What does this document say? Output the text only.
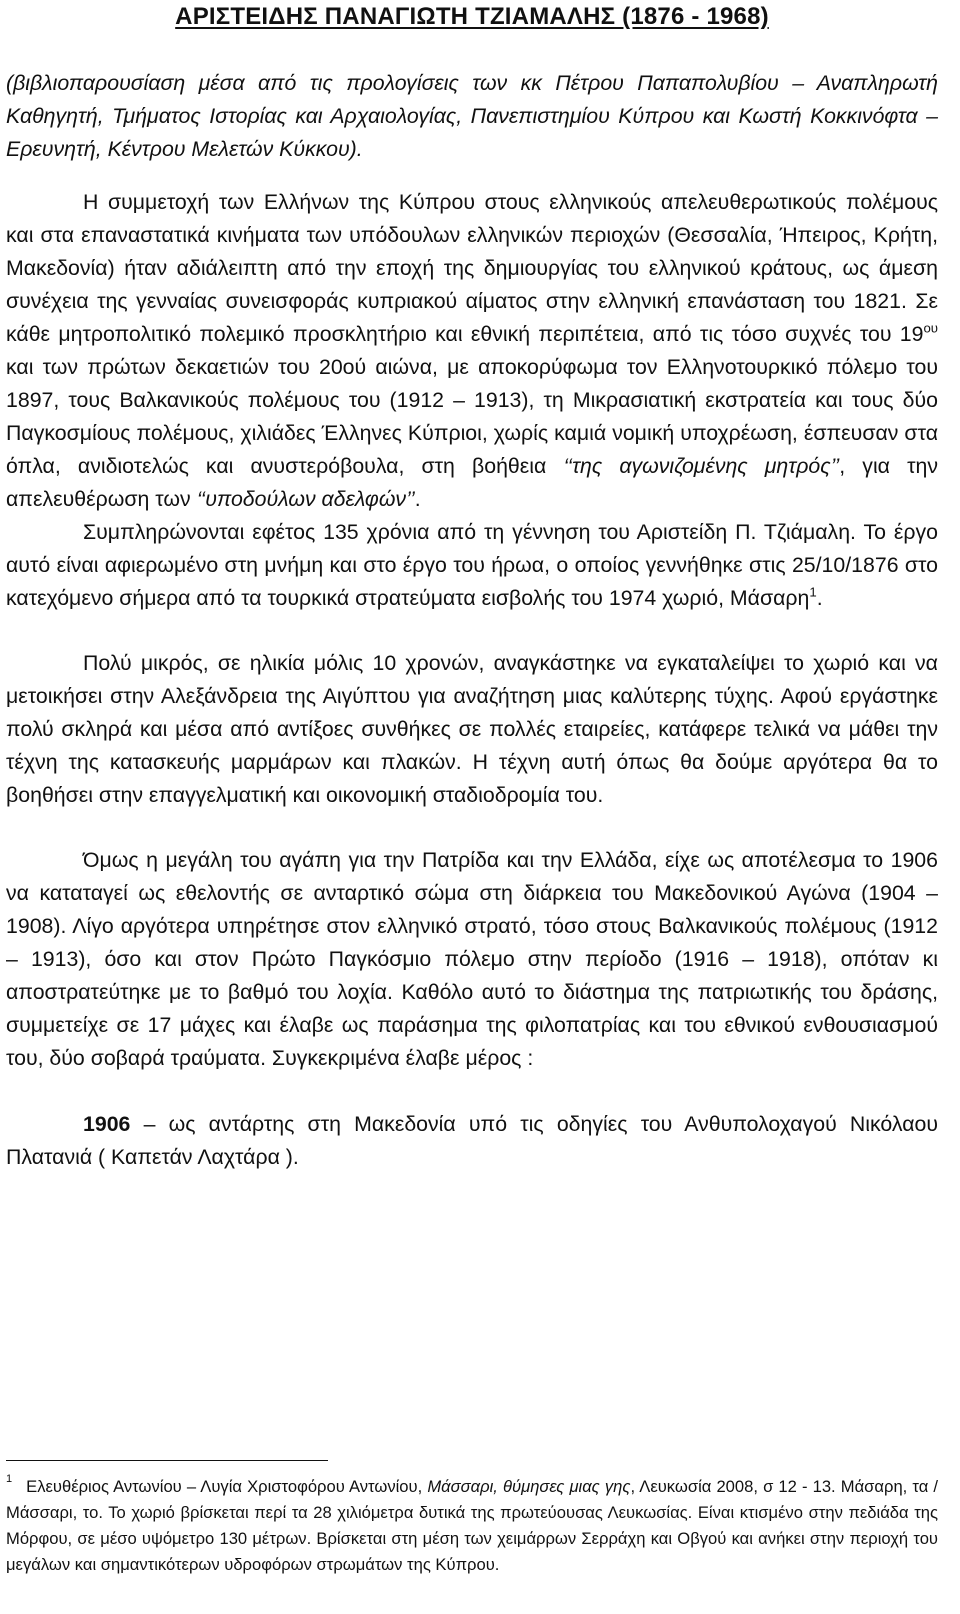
ΑΡΙΣΤΕΙΔΗΣ ΠΑΝΑΓΙΩΤΗ ΤΖΙΑΜΑΛΗΣ (1876 - 1968)

(βιβλιοπαρουσίαση μέσα από τις προλογίσεις των κκ Πέτρου Παπαπολυβίου – Αναπληρωτή Καθηγητή, Τμήματος Ιστορίας και Αρχαιολογίας, Πανεπιστημίου Κύπρου και Κωστή Κοκκινόφτα – Ερευνητή, Κέντρου Μελετών Κύκκου).

Η συμμετοχή των Ελλήνων της Κύπρου στους ελληνικούς απελευθερωτικούς πολέμους και στα επαναστατικά κινήματα των υπόδουλων ελληνικών περιοχών (Θεσσαλία, Ήπειρος, Κρήτη, Μακεδονία) ήταν αδιάλειπτη από την εποχή της δημιουργίας του ελληνικού κράτους, ως άμεση συνέχεια της γενναίας συνεισφοράς κυπριακού αίματος στην ελληνική επανάσταση του 1821. Σε κάθε μητροπολιτικό πολεμικό προσκλητήριο και εθνική περιπέτεια, από τις τόσο συχνές του $19^{o\upsilon}$ και των πρώτων δεκαετιών του 20ού αιώνα, με αποκορύφωμα τον Ελληνοτουρκικό πόλεμο του 1897, τους Βαλκανικούς πολέμους του (1912 – 1913), τη Μικρασιατική εκστρατεία και τους δύο Παγκοσμίους πολέμους, χιλιάδες Έλληνες Κύπριοι, χωρίς καμιά νομική υποχρέωση, έσπευσαν στα όπλα, ανιδιοτελώς και ανυστερόβουλα, στη βοήθεια ‘‘της αγωνιζομένης μητρός’’, για την απελευθέρωση των ‘‘υποδούλων αδελφών’’.

Συμπληρώνονται εφέτος 135 χρόνια από τη γέννηση του Αριστείδη Π. Τζιάμαλη. Το έργο αυτό είναι αφιερωμένο στη μνήμη και στο έργο του ήρωα, ο οποίος γεννήθηκε στις 25/10/1876 στο κατεχόμενο σήμερα από τα τουρκικά στρατεύματα εισβολής του 1974 χωριό, Μάσαρη$^1$.

Πολύ μικρός, σε ηλικία μόλις 10 χρονών, αναγκάστηκε να εγκαταλείψει το χωριό και να μετοικήσει στην Αλεξάνδρεια της Αιγύπτου για αναζήτηση μιας καλύτερης τύχης. Αφού εργάστηκε πολύ σκληρά και μέσα από αντίξοες συνθήκες σε πολλές εταιρείες, κατάφερε τελικά να μάθει την τέχνη της κατασκευής μαρμάρων και πλακών. Η τέχνη αυτή όπως θα δούμε αργότερα θα το βοηθήσει στην επαγγελματική και οικονομική σταδιοδρομία του.

Όμως η μεγάλη του αγάπη για την Πατρίδα και την Ελλάδα, είχε ως αποτέλεσμα το 1906 να καταταγεί ως εθελοντής σε ανταρτικό σώμα στη διάρκεια του Μακεδονικού Αγώνα (1904 – 1908). Λίγο αργότερα υπηρέτησε στον ελληνικό στρατό, τόσο στους Βαλκανικούς πολέμους (1912 – 1913), όσο και στον Πρώτο Παγκόσμιο πόλεμο στην περίοδο (1916 – 1918), οπόταν κι αποστρατεύτηκε με το βαθμό του λοχία. Καθόλο αυτό το διάστημα της πατριωτικής του δράσης, συμμετείχε σε 17 μάχες και έλαβε ως παράσημα της φιλοπατρίας και του εθνικού ενθουσιασμού του, δύο σοβαρά τραύματα. Συγκεκριμένα έλαβε μέρος :

1906 – ως αντάρτης στη Μακεδονία υπό τις οδηγίες του Ανθυπολοχαγού Νικόλαου Πλατανιά ( Καπετάν Λαχτάρα ).

$^1$ Ελευθέριος Αντωνίου – Λυγία Χριστοφόρου Αντωνίου, Μάσσαρι, θύμησες μιας γης, Λευκωσία 2008, σ 12 - 13. Μάσαρη, τα / Μάσσαρι, το. Το χωριό βρίσκεται περί τα 28 χιλιόμετρα δυτικά της πρωτεύουσας Λευκωσίας. Είναι κτισμένο στην πεδιάδα της Μόρφου, σε μέσο υψόμετρο 130 μέτρων. Βρίσκεται στη μέση των χειμάρρων Σερράχη και Οβγού και ανήκει στην περιοχή του μεγάλων και σημαντικότερων υδροφόρων στρωμάτων της Κύπρου.
